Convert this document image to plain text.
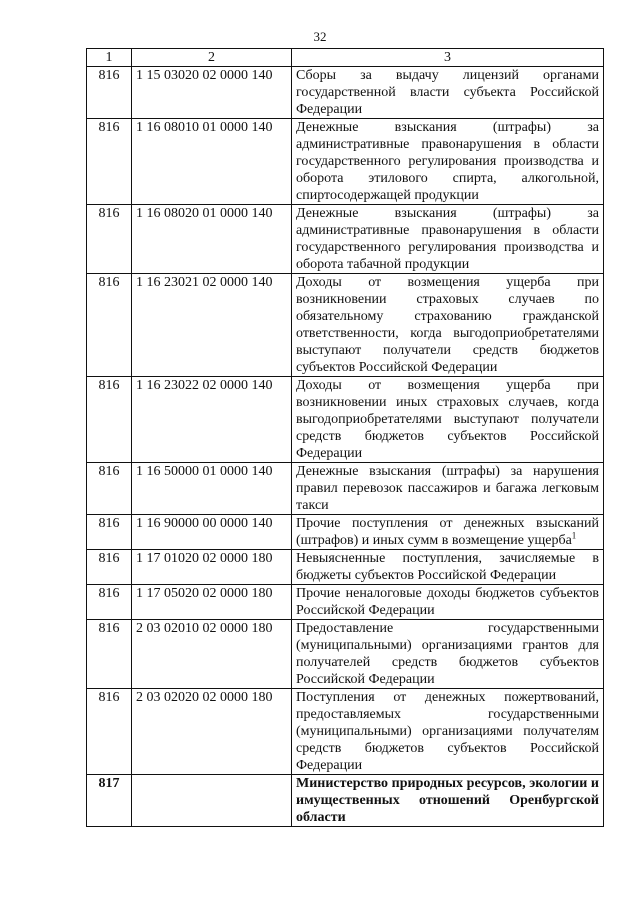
32
1	2	3
816	1 15 03020 02 0000 140	Сборы за выдачу лицензий органами государственной власти субъекта Российской Федерации
816	1 16 08010 01 0000 140	Денежные взыскания (штрафы) за административные правонарушения в области государственного регулирования производства и оборота этилового спирта, алкогольной, спиртосодержащей продукции
816	1 16 08020 01 0000 140	Денежные взыскания (штрафы) за административные правонарушения в области государственного регулирования производства и оборота табачной продукции
816	1 16 23021 02 0000 140	Доходы от возмещения ущерба при возникновении страховых случаев по обязательному страхованию гражданской ответственности, когда выгодоприобретателями выступают получатели средств бюджетов субъектов Российской Федерации
816	1 16 23022 02 0000 140	Доходы от возмещения ущерба при возникновении иных страховых случаев, когда выгодоприобретателями выступают получатели средств бюджетов субъектов Российской Федерации
816	1 16 50000 01 0000 140	Денежные взыскания (штрафы) за нарушения правил перевозок пассажиров и багажа легковым такси
816	1 16 90000 00 0000 140	Прочие поступления от денежных взысканий (штрафов) и иных сумм в возмещение ущерба$^1$
816	1 17 01020 02 0000 180	Невыясненные поступления, зачисляемые в бюджеты субъектов Российской Федерации
816	1 17 05020 02 0000 180	Прочие неналоговые доходы бюджетов субъектов Российской Федерации
816	2 03 02010 02 0000 180	Предоставление государственными (муниципальными) организациями грантов для получателей средств бюджетов субъектов Российской Федерации
816	2 03 02020 02 0000 180	Поступления от денежных пожертвований, предоставляемых государственными (муниципальными) организациями получателям средств бюджетов субъектов Российской Федерации
817		Министерство природных ресурсов, экологии и имущественных отношений Оренбургской области
